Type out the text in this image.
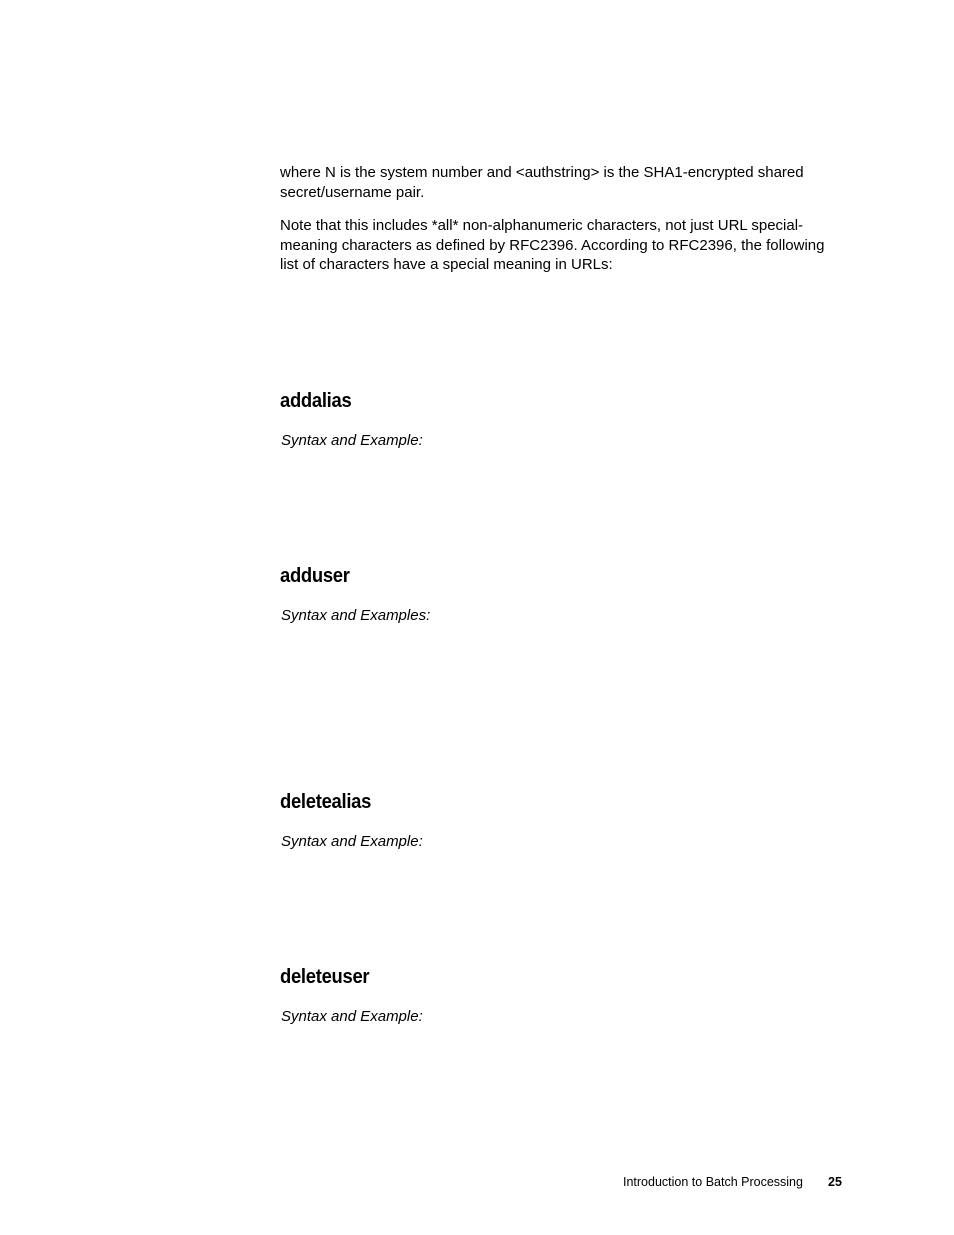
where N is the system number and <authstring> is the SHA1-encrypted shared secret/username pair.

Note that this includes *all* non-alphanumeric characters, not just URL special-meaning characters as defined by RFC2396. According to RFC2396, the following list of characters have a special meaning in URLs:

addalias

Syntax and Example:

adduser

Syntax and Examples:

deletealias

Syntax and Example:

deleteuser

Syntax and Example:

Introduction to Batch Processing 25
